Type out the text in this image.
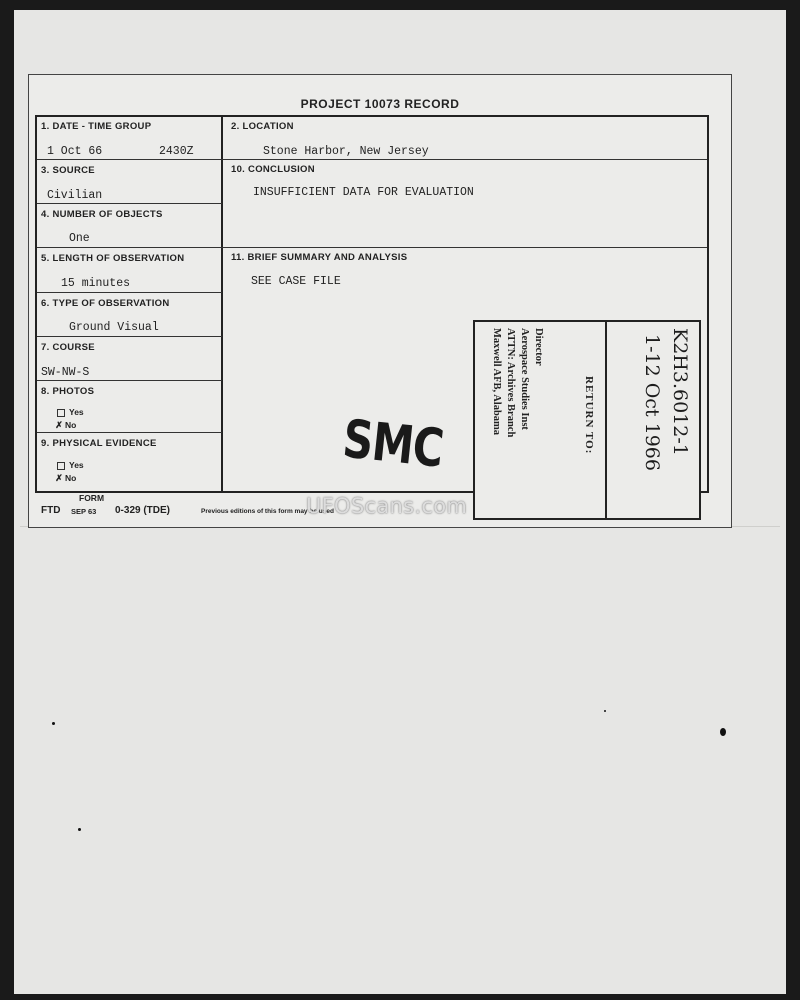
PROJECT 10073 RECORD
1. DATE - TIME GROUP
1 Oct 66	2430Z
2. LOCATION
Stone Harbor, New Jersey
3. SOURCE
Civilian
10. CONCLUSION
INSUFFICIENT DATA FOR EVALUATION
4. NUMBER OF OBJECTS
One
5. LENGTH OF OBSERVATION
15 minutes
11. BRIEF SUMMARY AND ANALYSIS
SEE CASE FILE
6. TYPE OF OBSERVATION
Ground Visual
7. COURSE
SW-NW-S
8. PHOTOS
Yes
✗ No
9. PHYSICAL EVIDENCE
Yes
✗ No	SMC
Director
Aerospace Studies Inst
ATTN: Archives Branch
Maxwell AFB, Alabama	RETURN TO:	K2H3.6012-1
1-12 Oct 1966
FORM
FTD SEP 63 0-329 (TDE)	Previous editions of this form may be used
UFOScans.com
